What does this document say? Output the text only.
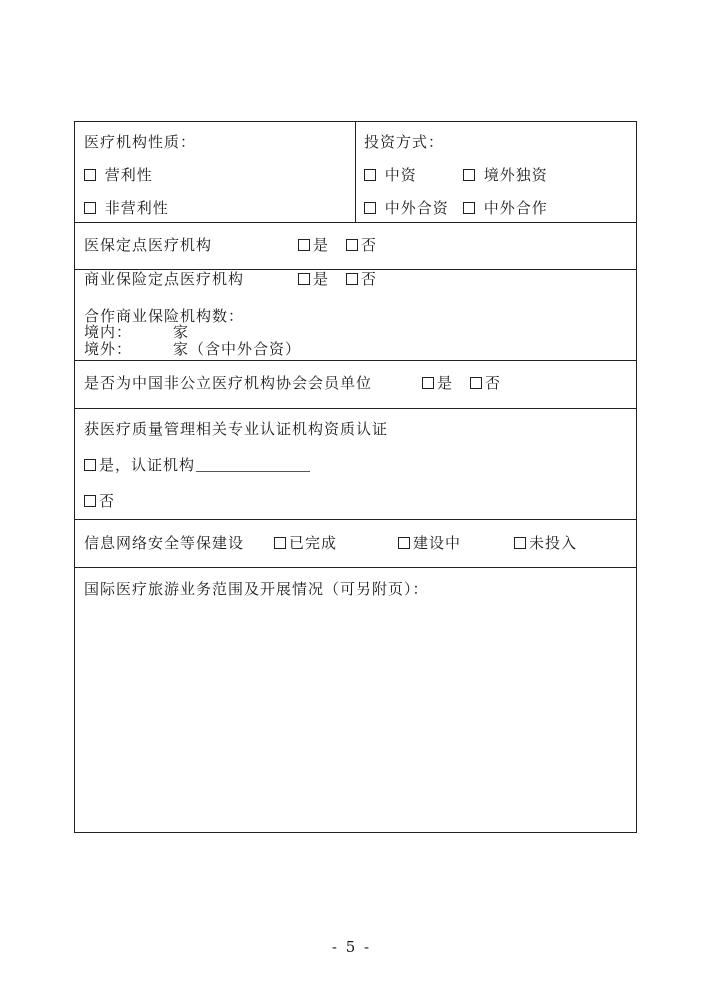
医疗机构性质：
营利性
非营利性
投资方式：
中资	境外独资
中外合资	中外合作
医保定点医疗机构	是	否
商业保险定点医疗机构	是	否
合作商业保险机构数：
境内：	家
境外：	家（含中外合资）
是否为中国非公立医疗机构协会会员单位	是	否
获医疗质量管理相关专业认证机构资质认证
是，认证机构
否
信息网络安全等保建设	已完成	建设中	未投入
国际医疗旅游业务范围及开展情况（可另附页）：
- 5 -
